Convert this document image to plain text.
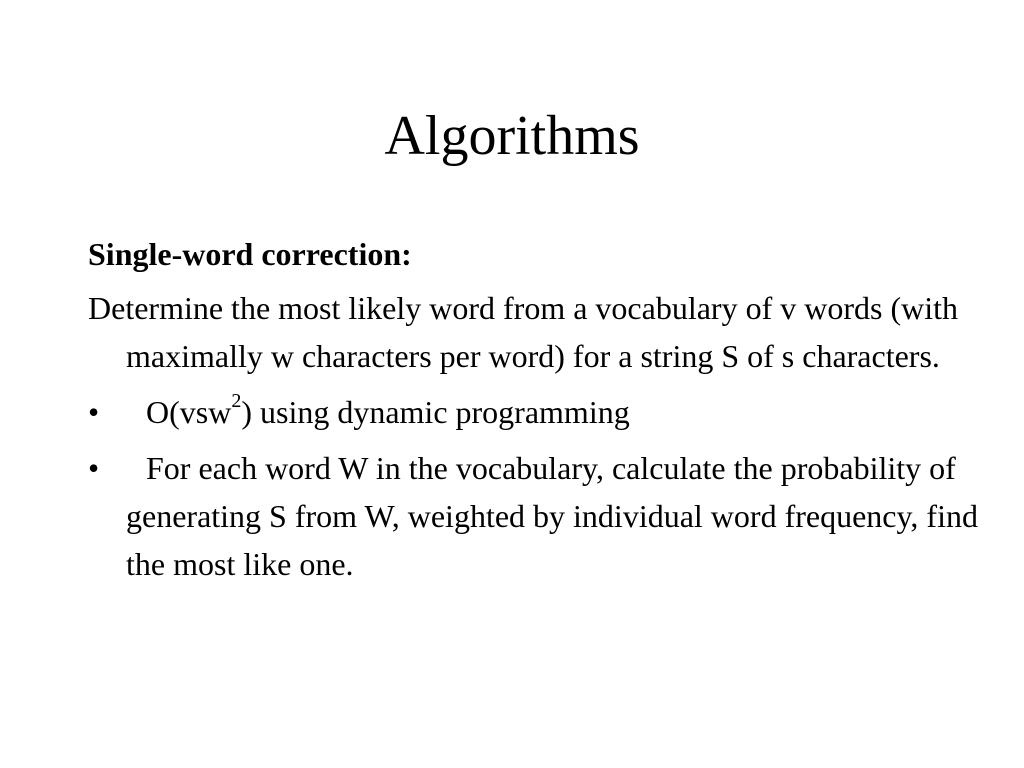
Algorithms
Single-word correction:
Determine the most likely word from a vocabulary of v words (with maximally w characters per word) for a string S of s characters.
• O(vsw$^2$) using dynamic programming
• For each word W in the vocabulary, calculate the probability of generating S from W, weighted by individual word frequency, find the most like one.
